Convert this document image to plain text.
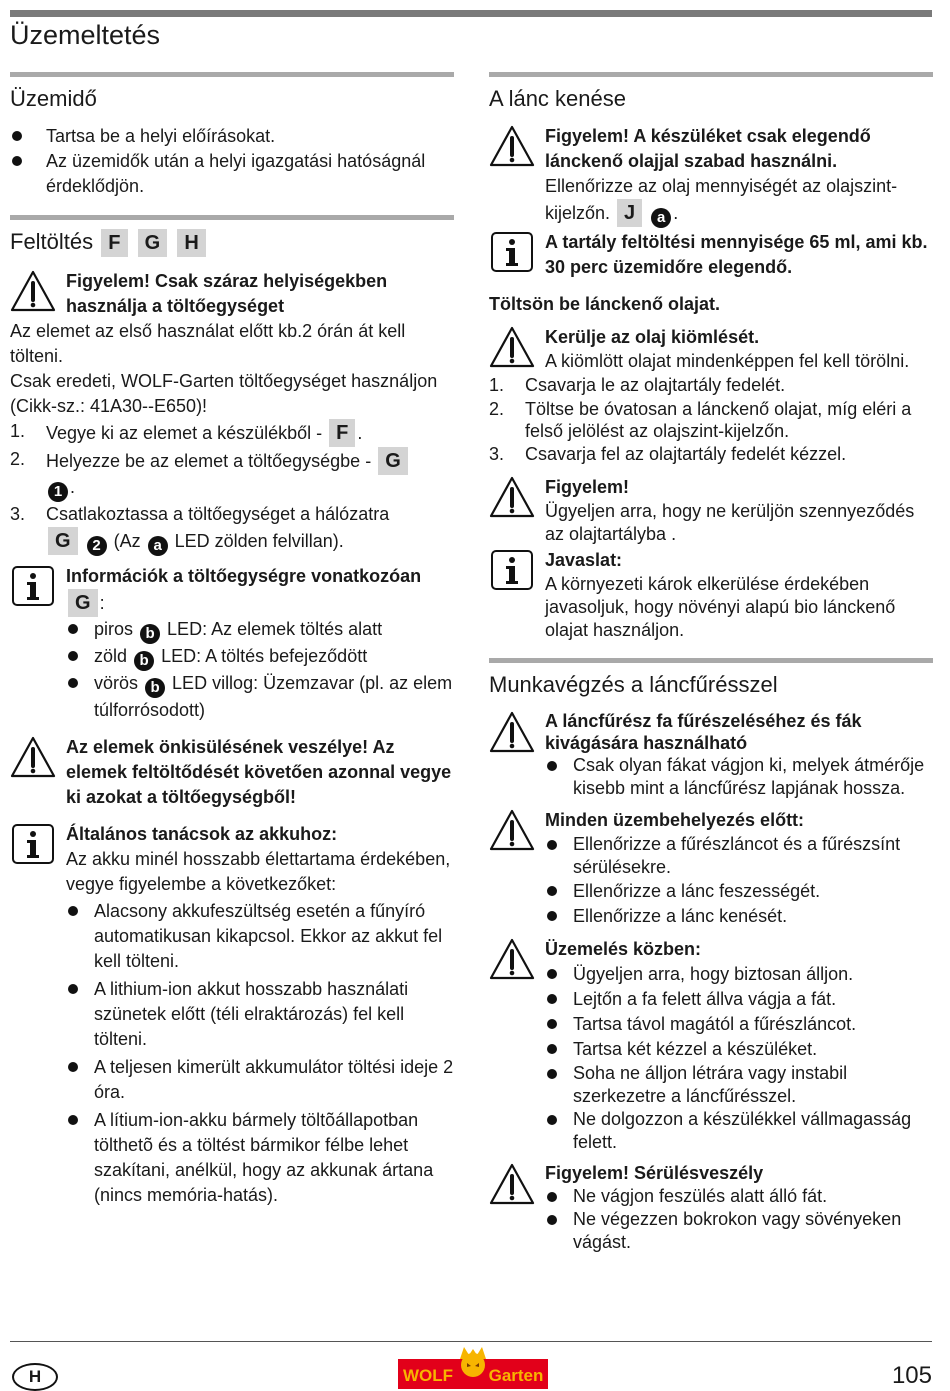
Üzemeltetés
Üzemidő
Tartsa be a helyi előírásokat.
Az üzemidők után a helyi igazgatási hatóságnál érdeklődjön.
Feltöltés F G H
Figyelem! Csak száraz helyiségekben használja a töltőegységet
Az elemet az első használat előtt kb.2 órán át kell tölteni.
Csak eredeti, WOLF-Garten töltőegységet használjon (Cikk-sz.: 41A30--E650)!
1. Vegye ki az elemet a készülékből - F .
2. Helyezze be az elemet a töltőegységbe - G
1 .
3. Csatlakoztassa a töltőegységet a hálózatra
G 2 (Az a LED zölden felvillan).
Információk a töltőegységre vonatkozóan G :
piros b LED: Az elemek töltés alatt
zöld b LED: A töltés befejeződött
vörös b LED villog: Üzemzavar (pl. az elem túlforrósodott)
Az elemek önkisülésének veszélye! Az elemek feltöltődését követően azonnal vegye ki azokat a töltőegységből!
Általános tanácsok az akkuhoz:
Az akku minél hosszabb élettartama érdekében, vegye figyelembe a következőket:
Alacsony akkufeszültség esetén a fűnyíró automatikusan kikapcsol. Ekkor az akkut fel kell tölteni.
A lithium-ion akkut hosszabb használati szünetek előtt (téli elraktározás) fel kell tölteni.
A teljesen kimerült akkumulátor töltési ideje 2 óra.
A lítium-ion-akku bármely töltõállapotban tölthetõ és a töltést bármikor félbe lehet szakítani, anélkül, hogy az akkunak ártana (nincs memória-hatás).
A lánc kenése
Figyelem! A készüléket csak elegendő lánckenő olajjal szabad használni.
Ellenőrizze az olaj mennyiségét az olajszint-kijelzőn. J a .
A tartály feltöltési mennyisége 65 ml, ami kb. 30 perc üzemidőre elegendő.
Töltsön be lánckenő olajat.
Kerülje az olaj kiömlését.
A kiömlött olajat mindenképpen fel kell törölni.
1. Csavarja le az olajtartály fedelét.
2. Töltse be óvatosan a lánckenő olajat, míg eléri a felső jelölést az olajszint-kijelzőn.
3. Csavarja fel az olajtartály fedelét kézzel.
Figyelem!
Ügyeljen arra, hogy ne kerüljön szennyeződés az olajtartályba .
Javaslat:
A környezeti károk elkerülése érdekében javasoljuk, hogy növényi alapú bio lánckenő olajat használjon.
Munkavégzés a láncfűrésszel
A láncfűrész fa fűrészeléséhez és fák kivágására használható
Csak olyan fákat vágjon ki, melyek átmérője kisebb mint a láncfűrész lapjának hossza.
Minden üzembehelyezés előtt:
Ellenőrizze a fűrészláncot és a fűrészsínt sérülésekre.
Ellenőrizze a lánc feszességét.
Ellenőrizze a lánc kenését.
Üzemelés közben:
Ügyeljen arra, hogy biztosan álljon.
Lejtőn a fa felett állva vágja a fát.
Tartsa távol magától a fűrészláncot.
Tartsa két kézzel a készüléket.
Soha ne álljon létrára vagy instabil szerkezetre a láncfűrésszel.
Ne dolgozzon a készülékkel vállmagasság felett.
Figyelem! Sérülésveszély
Ne vágjon feszülés alatt álló fát.
Ne végezzen bokrokon vagy sövényeken vágást.
H	WOLF Garten	105
